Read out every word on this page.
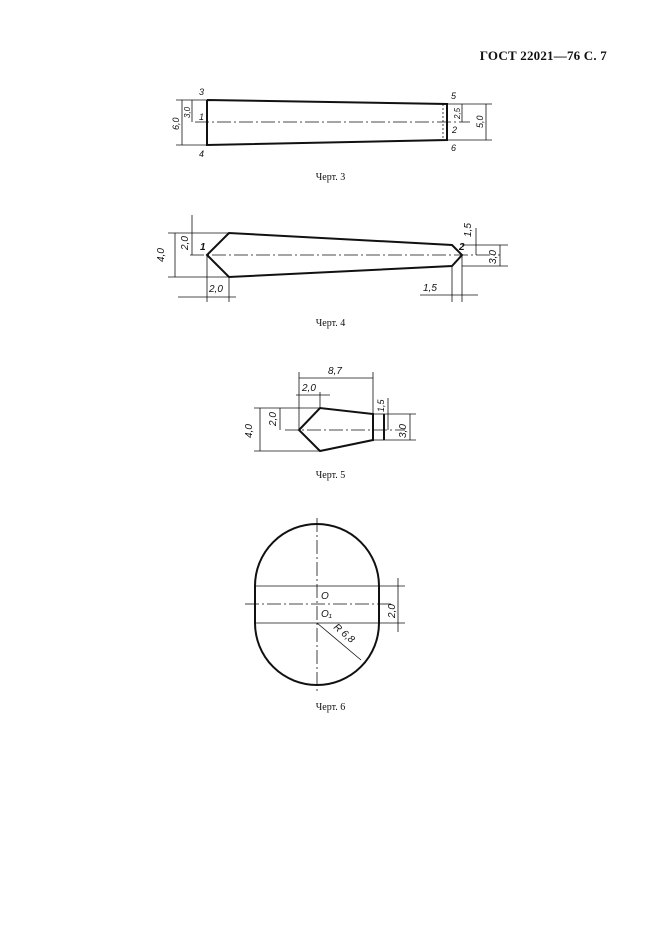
ГОСТ 22021—76 С. 7
3
1
4
5
2
6
6,0
3,0	2,5
5,0
Черт. 3
1	2
4,0
2,0
2,0
1,5
3,0
1,5
Черт. 4
8,7
2,0
4,0
2,0
1,5
3,0
Черт. 5
O
O₁
R 6,8
2,0
Черт. 6
